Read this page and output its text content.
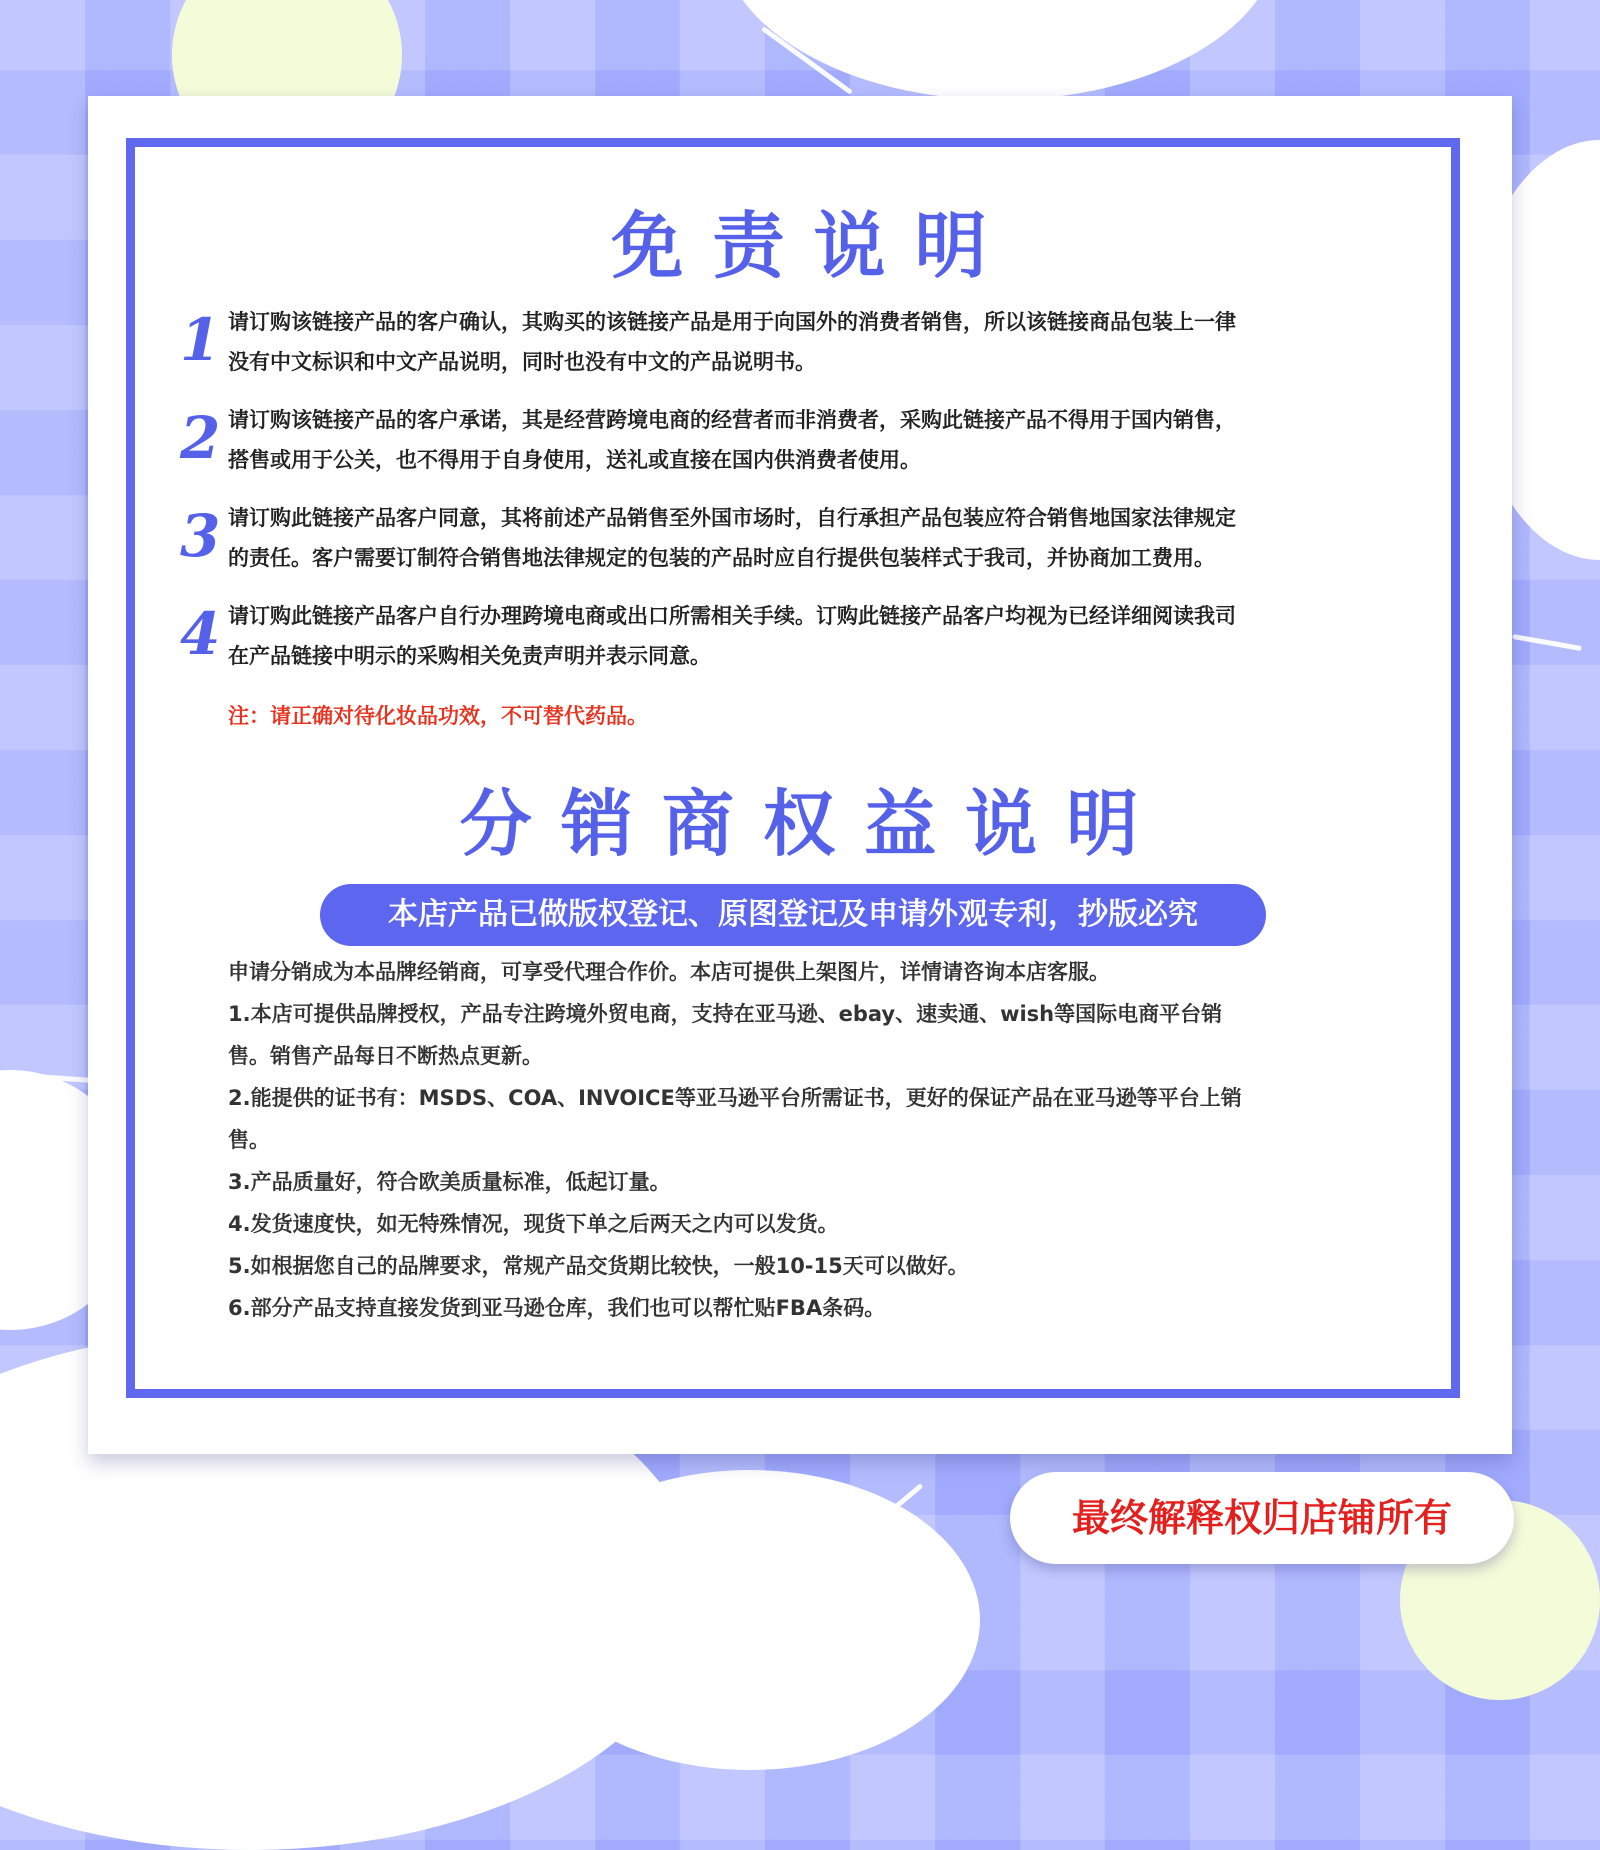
免 责 说 明
1 请订购该链接产品的客户确认，其购买的该链接产品是用于向国外的消费者销售，所以该链接商品包装上一律
没有中文标识和中文产品说明，同时也没有中文的产品说明书。
2 请订购该链接产品的客户承诺，其是经营跨境电商的经营者而非消费者，采购此链接产品不得用于国内销售，
搭售或用于公关，也不得用于自身使用，送礼或直接在国内供消费者使用。
3 请订购此链接产品客户同意，其将前述产品销售至外国市场时，自行承担产品包装应符合销售地国家法律规定
的责任。客户需要订制符合销售地法律规定的包装的产品时应自行提供包装样式于我司，并协商加工费用。
4 请订购此链接产品客户自行办理跨境电商或出口所需相关手续。订购此链接产品客户均视为已经详细阅读我司
在产品链接中明示的采购相关免责声明并表示同意。
注：请正确对待化妆品功效，不可替代药品。
分 销 商 权 益 说 明
本店产品已做版权登记、原图登记及申请外观专利，抄版必究
申请分销成为本品牌经销商，可享受代理合作价。本店可提供上架图片，详情请咨询本店客服。
1.本店可提供品牌授权，产品专注跨境外贸电商，支持在亚马逊、ebay、速卖通、wish等国际电商平台销
售。销售产品每日不断热点更新。
2.能提供的证书有：MSDS、COA、INVOICE等亚马逊平台所需证书，更好的保证产品在亚马逊等平台上销
售。
3.产品质量好，符合欧美质量标准，低起订量。
4.发货速度快，如无特殊情况，现货下单之后两天之内可以发货。
5.如根据您自己的品牌要求，常规产品交货期比较快，一般10-15天可以做好。
6.部分产品支持直接发货到亚马逊仓库，我们也可以帮忙贴FBA条码。
最终解释权归店铺所有
